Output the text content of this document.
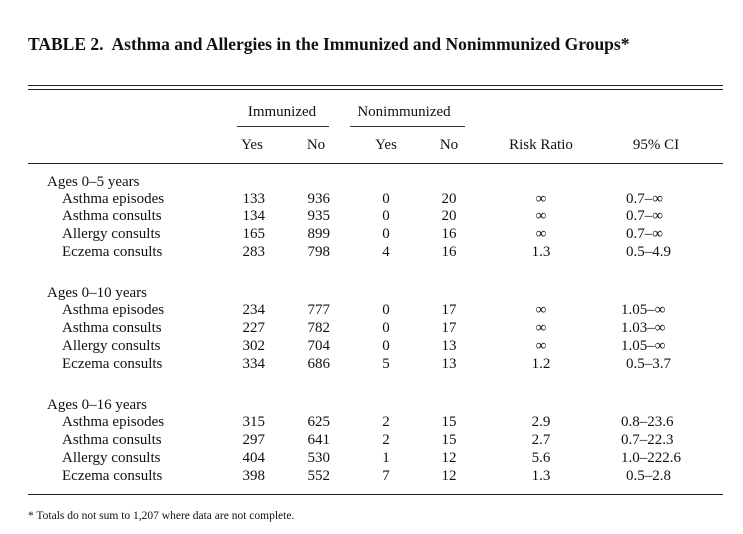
TABLE 2. Asthma and Allergies in the Immunized and Nonimmunized Groups*
Immunized	Nonimmunized
Yes	No	Yes	No	Risk Ratio	95% CI
Ages 0–5 years
Asthma episodes	133	936	0	20	∞	0.7–∞
Asthma consults	134	935	0	20	∞	0.7–∞
Allergy consults	165	899	0	16	∞	0.7–∞
Eczema consults	283	798	4	16	1.3	0.5–4.9
Ages 0–10 years
Asthma episodes	234	777	0	17	∞	1.05–∞
Asthma consults	227	782	0	17	∞	1.03–∞
Allergy consults	302	704	0	13	∞	1.05–∞
Eczema consults	334	686	5	13	1.2	0.5–3.7
Ages 0–16 years
Asthma episodes	315	625	2	15	2.9	0.8–23.6
Asthma consults	297	641	2	15	2.7	0.7–22.3
Allergy consults	404	530	1	12	5.6	1.0–222.6
Eczema consults	398	552	7	12	1.3	0.5–2.8
* Totals do not sum to 1,207 where data are not complete.
